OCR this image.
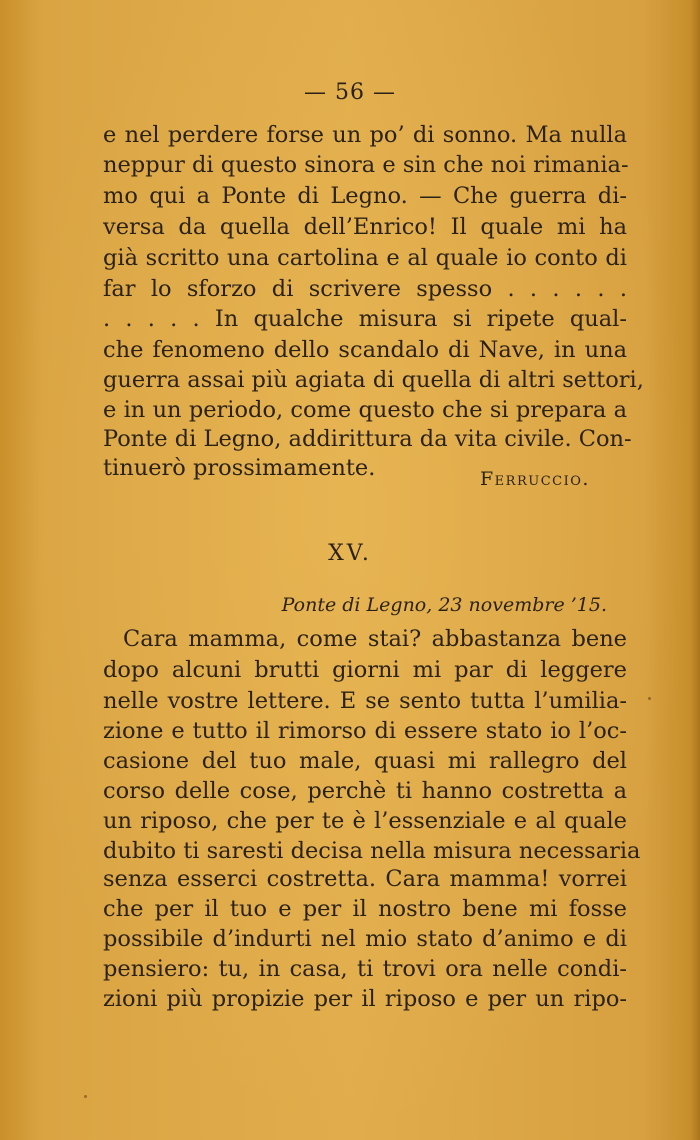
— 56 —
e nel perdere forse un po’ di sonno. Ma nulla
neppur di questo sinora e sin che noi rimania-
mo qui a Ponte di Legno. — Che guerra di-
versa da quella dell’Enrico! Il quale mi ha
già scritto una cartolina e al quale io conto di
far lo sforzo di scrivere spesso . . . . . .
. . . . . In qualche misura si ripete qual-
che fenomeno dello scandalo di Nave, in una
guerra assai più agiata di quella di altri settori,
e in un periodo, come questo che si prepara a
Ponte di Legno, addirittura da vita civile. Con-
tinuerò prossimamente.	Ferruccio.
XV.
Ponte di Legno, 23 novembre ’15.
Cara mamma, come stai? abbastanza bene
dopo alcuni brutti giorni mi par di leggere
nelle vostre lettere. E se sento tutta l’umilia-
zione e tutto il rimorso di essere stato io l’oc-
casione del tuo male, quasi mi rallegro del
corso delle cose, perchè ti hanno costretta a
un riposo, che per te è l’essenziale e al quale
dubito ti saresti decisa nella misura necessaria
senza esserci costretta. Cara mamma! vorrei
che per il tuo e per il nostro bene mi fosse
possibile d’indurti nel mio stato d’animo e di
pensiero: tu, in casa, ti trovi ora nelle condi-
zioni più propizie per il riposo e per un ripo-
